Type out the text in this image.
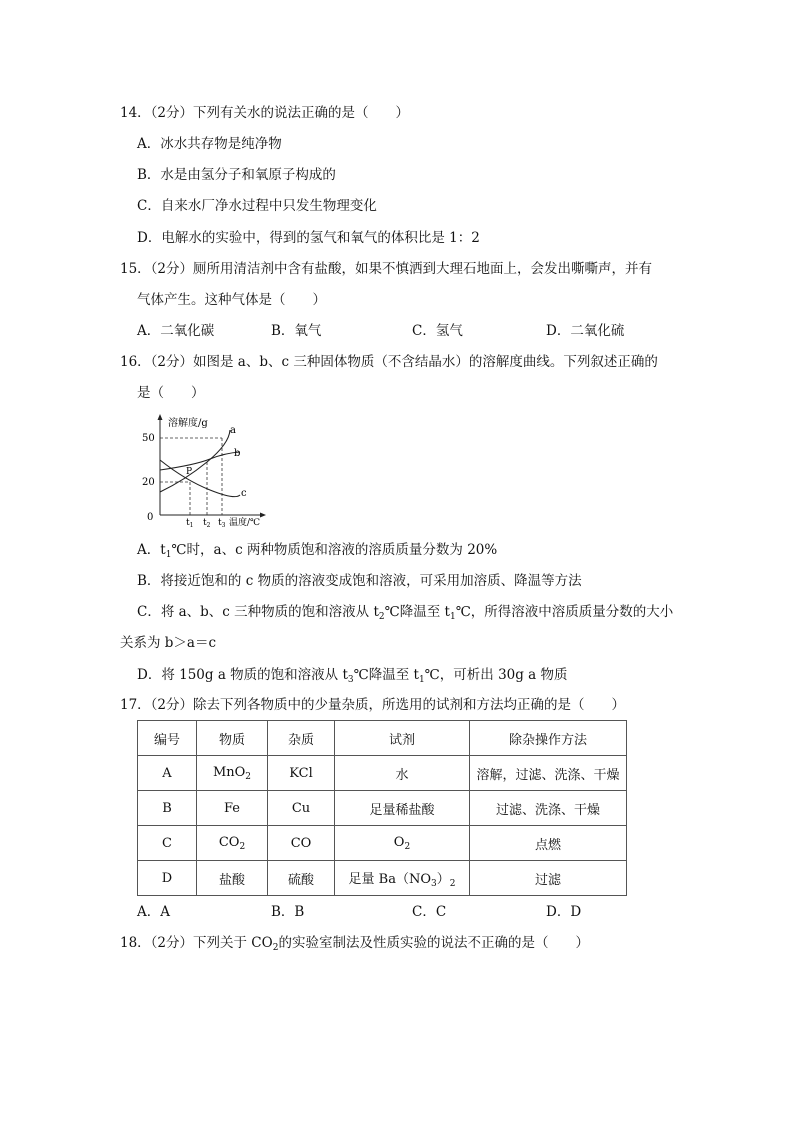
14．（2分）下列有关水的说法正确的是（　　）
A．冰水共存物是纯净物
B．水是由氢分子和氧原子构成的
C．自来水厂净水过程中只发生物理变化
D．电解水的实验中，得到的氢气和氧气的体积比是 1：2
15．（2分）厕所用清洁剂中含有盐酸，如果不慎洒到大理石地面上，会发出嘶嘶声，并有
气体产生。这种气体是（　　）
A．二氧化碳	B．氧气	C．氢气	D．二氧化硫
16．（2分）如图是 a、b、c 三种固体物质（不含结晶水）的溶解度曲线。下列叙述正确的
是（　　）
溶解度/g
50
20
0
P
a
b
c
$t_1$ $t_2$ $t_3$ 温度/℃
A．$t_1℃$时，a、c 两种物质饱和溶液的溶质质量分数为 20%
B．将接近饱和的 c 物质的溶液变成饱和溶液，可采用加溶质、降温等方法
C．将 a、b、c 三种物质的饱和溶液从 $t_2℃$降温至 $t_1℃$，所得溶液中溶质质量分数的大小
关系为 b＞a＝c
D．将 150g a 物质的饱和溶液从 $t_3℃$降温至 $t_1℃$，可析出 30g a 物质
17．（2分）除去下列各物质中的少量杂质，所选用的试剂和方法均正确的是（　　）
编号	物质	杂质	试剂	除杂操作方法
A	MnO$_2$	KCl	水	溶解，过滤、洗涤、干燥
B	Fe	Cu	足量稀盐酸	过滤、洗涤、干燥
C	$CO_2$	CO	$O_2$	点燃
D	盐酸	硫酸	足量 $Ba(NO_3)_2$	过滤
A．A	B．B	C．C	D．D
18．（2分）下列关于 $CO_2$的实验室制法及性质实验的说法不正确的是（　　）
